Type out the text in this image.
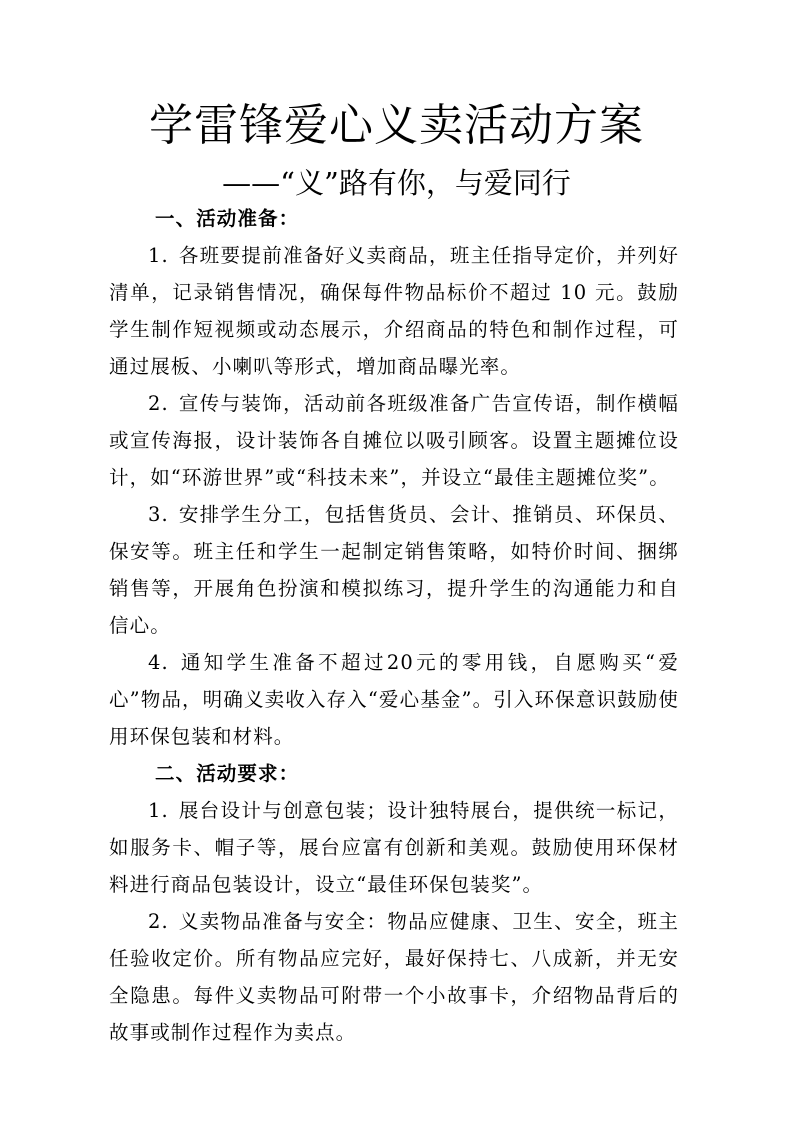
学雷锋爱心义卖活动方案
——“义”路有你，与爱同行
一、活动准备：

1. 各班要提前准备好义卖商品，班主任指导定价，并列好清单，记录销售情况，确保每件物品标价不超过 10 元。鼓励学生制作短视频或动态展示，介绍商品的特色和制作过程，可通过展板、小喇叭等形式，增加商品曝光率。

2. 宣传与装饰，活动前各班级准备广告宣传语，制作横幅或宣传海报，设计装饰各自摊位以吸引顾客。设置主题摊位设计，如“环游世界”或“科技未来”，并设立“最佳主题摊位奖”。

3. 安排学生分工，包括售货员、会计、推销员、环保员、保安等。班主任和学生一起制定销售策略，如特价时间、捆绑销售等，开展角色扮演和模拟练习，提升学生的沟通能力和自信心。

4. 通知学生准备不超过20元的零用钱，自愿购买“爱心”物品，明确义卖收入存入“爱心基金”。引入环保意识鼓励使用环保包装和材料。

二、活动要求：

1. 展台设计与创意包装；设计独特展台，提供统一标记，如服务卡、帽子等，展台应富有创新和美观。鼓励使用环保材料进行商品包装设计，设立“最佳环保包装奖”。

2. 义卖物品准备与安全：物品应健康、卫生、安全，班主任验收定价。所有物品应完好，最好保持七、八成新，并无安全隐患。每件义卖物品可附带一个小故事卡，介绍物品背后的故事或制作过程作为卖点。
